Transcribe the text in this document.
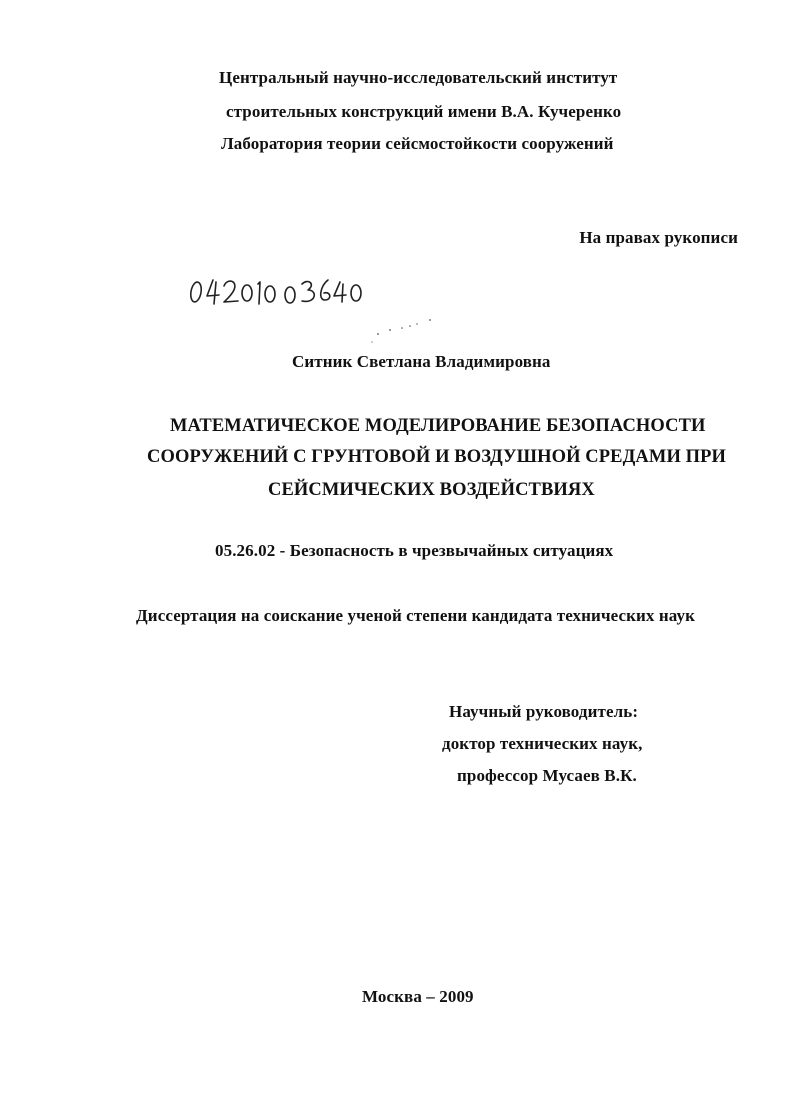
Центральный научно-исследовательский институт
строительных конструкций имени В.А. Кучеренко
Лаборатория теории сейсмостойкости сооружений
На правах рукописи
Ситник Светлана Владимировна
МАТЕМАТИЧЕСКОЕ МОДЕЛИРОВАНИЕ БЕЗОПАСНОСТИ
СООРУЖЕНИЙ С ГРУНТОВОЙ И ВОЗДУШНОЙ СРЕДАМИ ПРИ
СЕЙСМИЧЕСКИХ ВОЗДЕЙСТВИЯХ
05.26.02 - Безопасность в чрезвычайных ситуациях
Диссертация на соискание ученой степени кандидата технических наук
Научный руководитель:
доктор технических наук,
профессор Мусаев В.К.
Москва – 2009
